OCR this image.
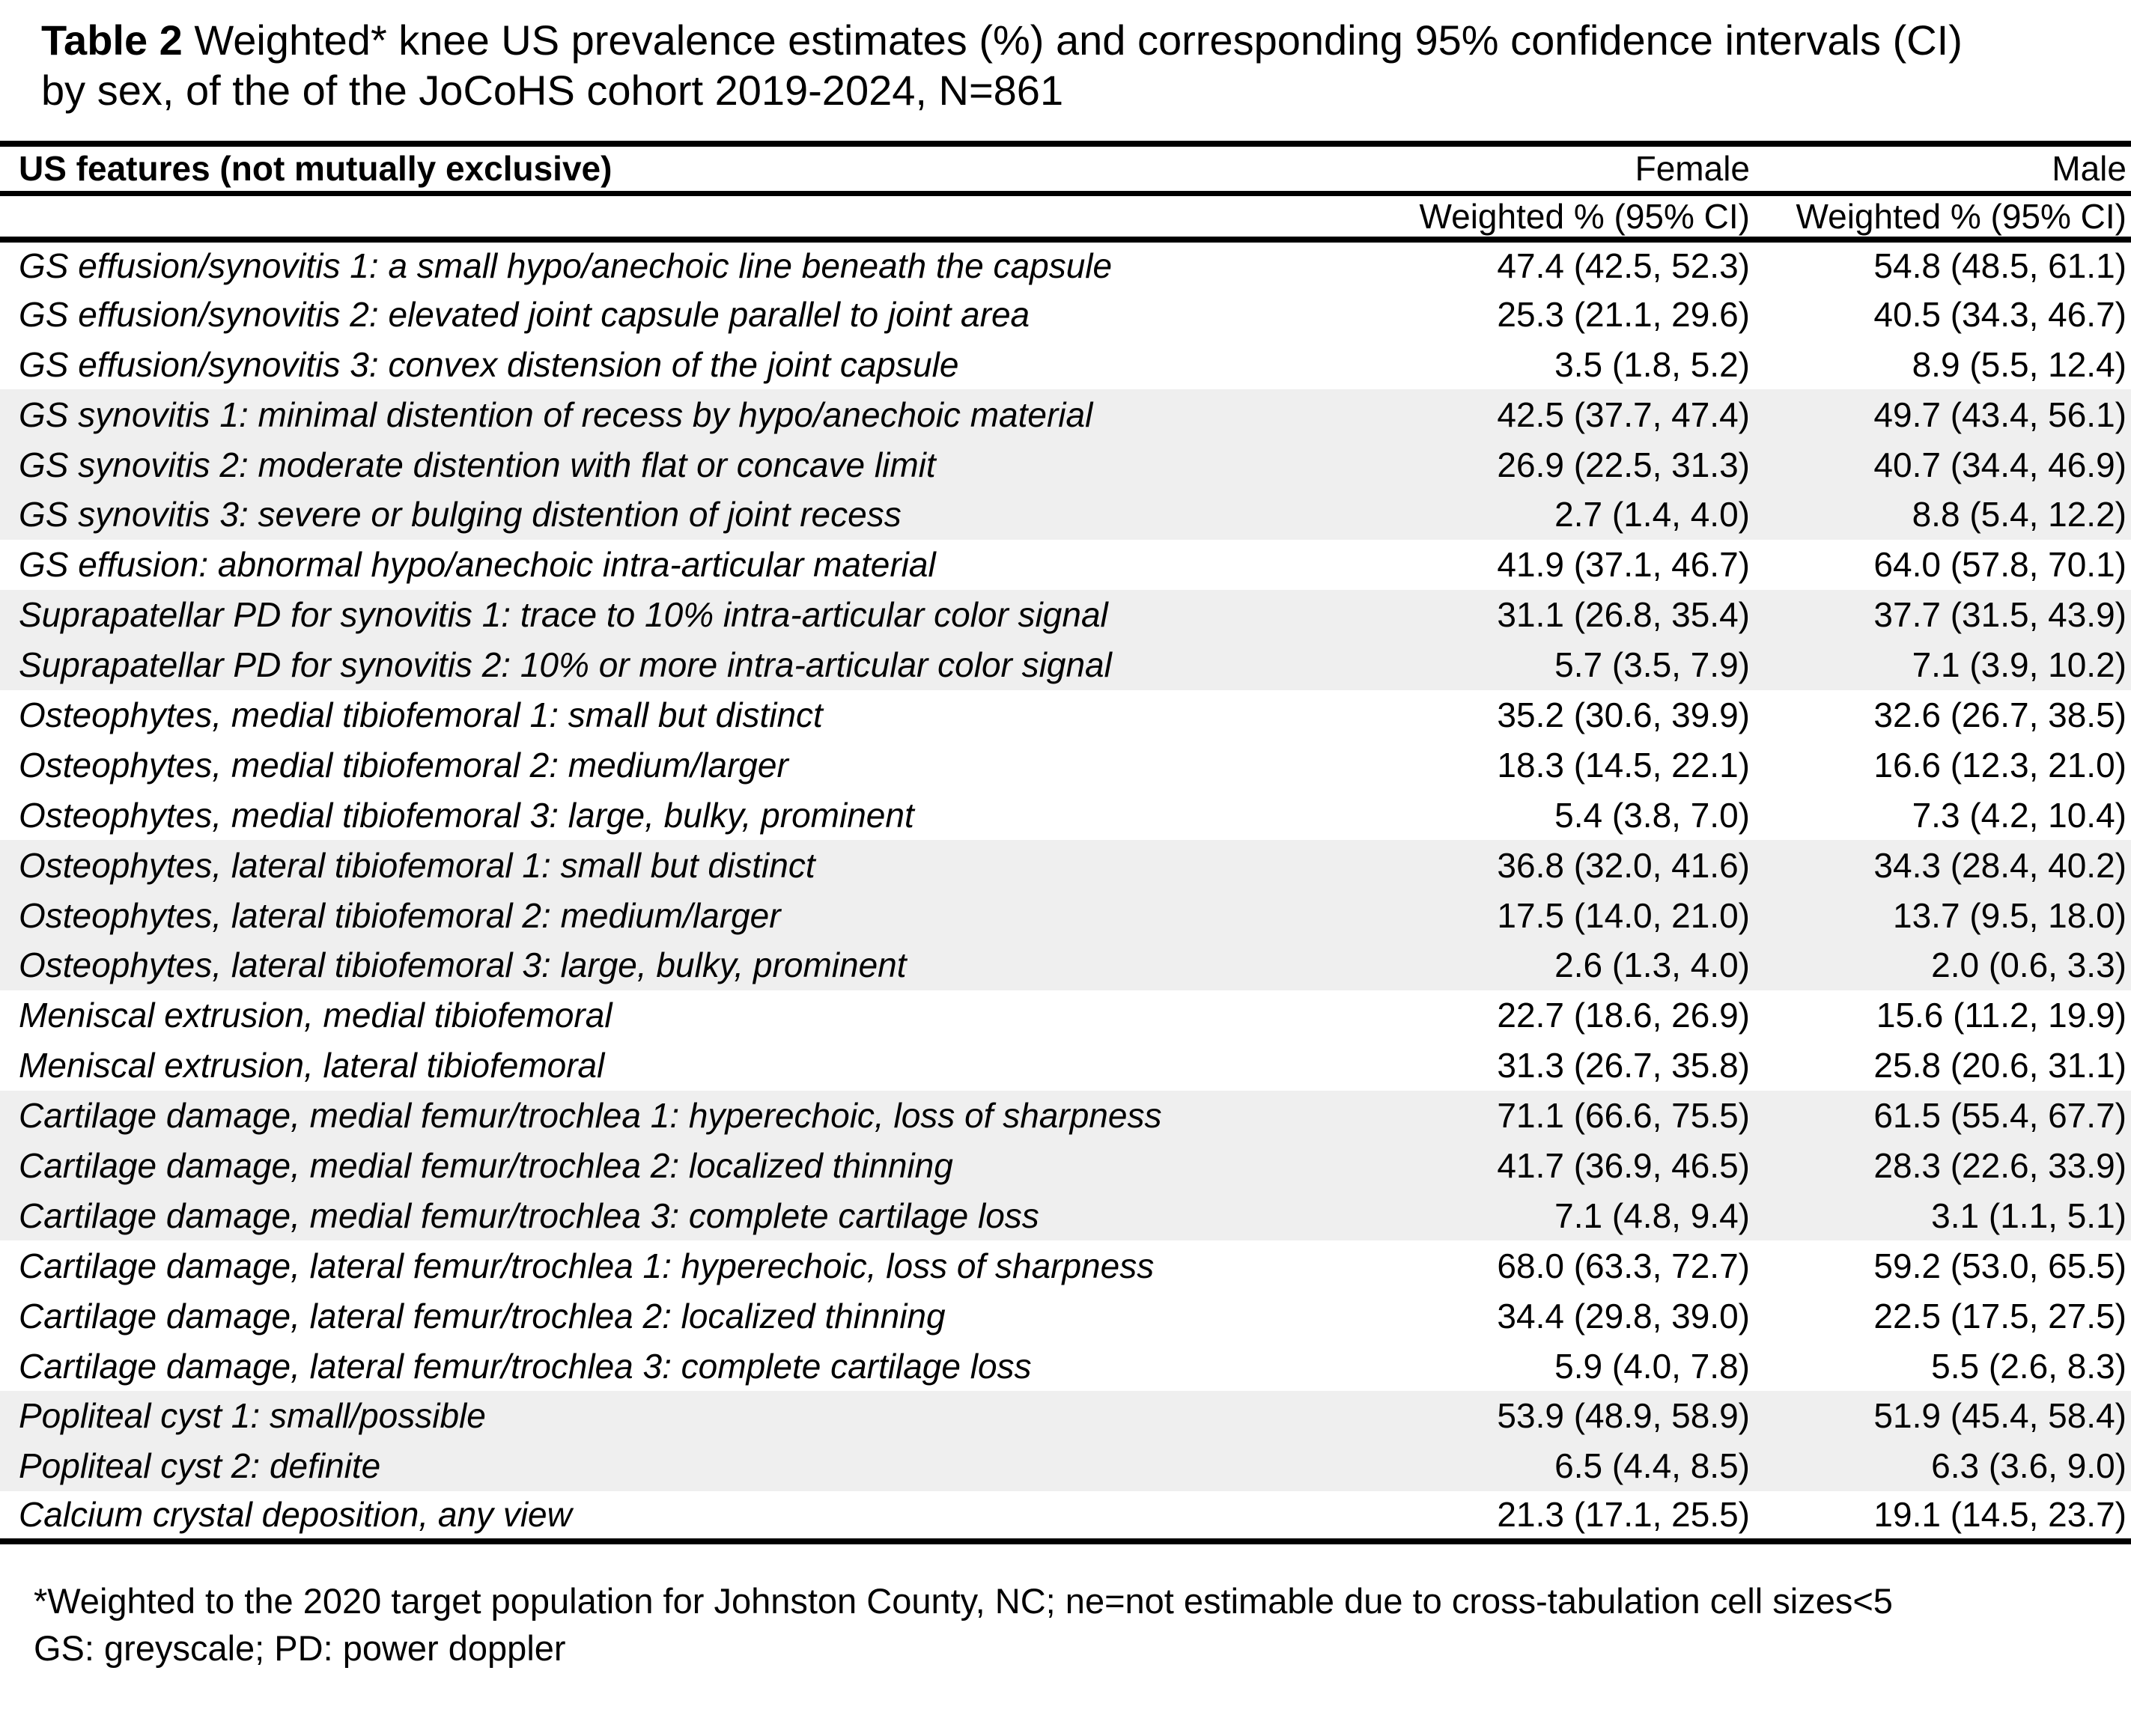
Table 2 Weighted* knee US prevalence estimates (%) and corresponding 95% confidence intervals (CI)
by sex, of the of the JoCoHS cohort 2019-2024, N=861
US features (not mutually exclusive)	Female	Male
	Weighted % (95% CI)	Weighted % (95% CI)
GS effusion/synovitis 1: a small hypo/anechoic line beneath the capsule	47.4 (42.5, 52.3)	54.8 (48.5, 61.1)
GS effusion/synovitis 2: elevated joint capsule parallel to joint area	25.3 (21.1, 29.6)	40.5 (34.3, 46.7)
GS effusion/synovitis 3: convex distension of the joint capsule	3.5 (1.8, 5.2)	8.9 (5.5, 12.4)
GS synovitis 1: minimal distention of recess by hypo/anechoic material	42.5 (37.7, 47.4)	49.7 (43.4, 56.1)
GS synovitis 2: moderate distention with flat or concave limit	26.9 (22.5, 31.3)	40.7 (34.4, 46.9)
GS synovitis 3: severe or bulging distention of joint recess	2.7 (1.4, 4.0)	8.8 (5.4, 12.2)
GS effusion: abnormal hypo/anechoic intra-articular material	41.9 (37.1, 46.7)	64.0 (57.8, 70.1)
Suprapatellar PD for synovitis 1: trace to 10% intra-articular color signal	31.1 (26.8, 35.4)	37.7 (31.5, 43.9)
Suprapatellar PD for synovitis 2: 10% or more intra-articular color signal	5.7 (3.5, 7.9)	7.1 (3.9, 10.2)
Osteophytes, medial tibiofemoral 1: small but distinct	35.2 (30.6, 39.9)	32.6 (26.7, 38.5)
Osteophytes, medial tibiofemoral 2: medium/larger	18.3 (14.5, 22.1)	16.6 (12.3, 21.0)
Osteophytes, medial tibiofemoral 3: large, bulky, prominent	5.4 (3.8, 7.0)	7.3 (4.2, 10.4)
Osteophytes, lateral tibiofemoral 1: small but distinct	36.8 (32.0, 41.6)	34.3 (28.4, 40.2)
Osteophytes, lateral tibiofemoral 2: medium/larger	17.5 (14.0, 21.0)	13.7 (9.5, 18.0)
Osteophytes, lateral tibiofemoral 3: large, bulky, prominent	2.6 (1.3, 4.0)	2.0 (0.6, 3.3)
Meniscal extrusion, medial tibiofemoral	22.7 (18.6, 26.9)	15.6 (11.2, 19.9)
Meniscal extrusion, lateral tibiofemoral	31.3 (26.7, 35.8)	25.8 (20.6, 31.1)
Cartilage damage, medial femur/trochlea 1: hyperechoic, loss of sharpness	71.1 (66.6, 75.5)	61.5 (55.4, 67.7)
Cartilage damage, medial femur/trochlea 2: localized thinning	41.7 (36.9, 46.5)	28.3 (22.6, 33.9)
Cartilage damage, medial femur/trochlea 3: complete cartilage loss	7.1 (4.8, 9.4)	3.1 (1.1, 5.1)
Cartilage damage, lateral femur/trochlea 1: hyperechoic, loss of sharpness	68.0 (63.3, 72.7)	59.2 (53.0, 65.5)
Cartilage damage, lateral femur/trochlea 2: localized thinning	34.4 (29.8, 39.0)	22.5 (17.5, 27.5)
Cartilage damage, lateral femur/trochlea 3: complete cartilage loss	5.9 (4.0, 7.8)	5.5 (2.6, 8.3)
Popliteal cyst 1: small/possible	53.9 (48.9, 58.9)	51.9 (45.4, 58.4)
Popliteal cyst 2: definite	6.5 (4.4, 8.5)	6.3 (3.6, 9.0)
Calcium crystal deposition, any view	21.3 (17.1, 25.5)	19.1 (14.5, 23.7)
*Weighted to the 2020 target population for Johnston County, NC; ne=not estimable due to cross-tabulation cell sizes<5
GS: greyscale; PD: power doppler
